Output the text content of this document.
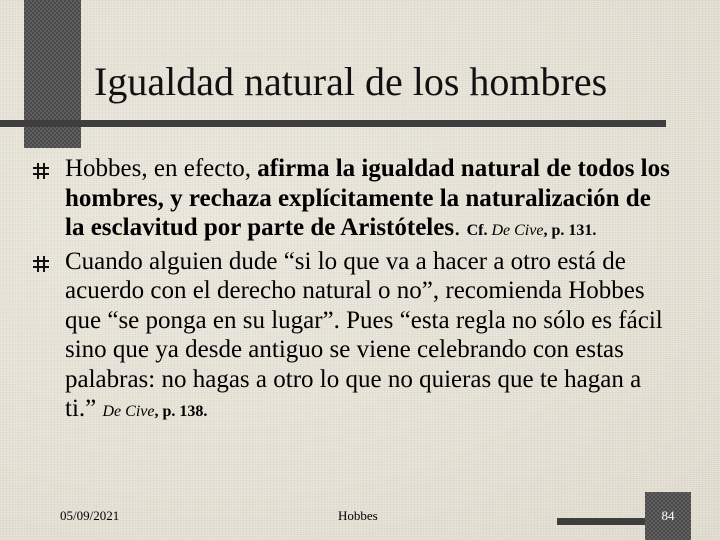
Igualdad natural de los hombres
Hobbes, en efecto, afirma la igualdad natural de todos los hombres, y rechaza explícitamente la naturalización de la esclavitud por parte de Aristóteles. Cf. De Cive, p. 131.
Cuando alguien dude “si lo que va a hacer a otro está de acuerdo con el derecho natural o no”, recomienda Hobbes que “se ponga en su lugar”. Pues “esta regla no sólo es fácil sino que ya desde antiguo se viene celebrando con estas palabras: no hagas a otro lo que no quieras que te hagan a ti.” De Cive, p. 138.
05/09/2021	Hobbes	84
